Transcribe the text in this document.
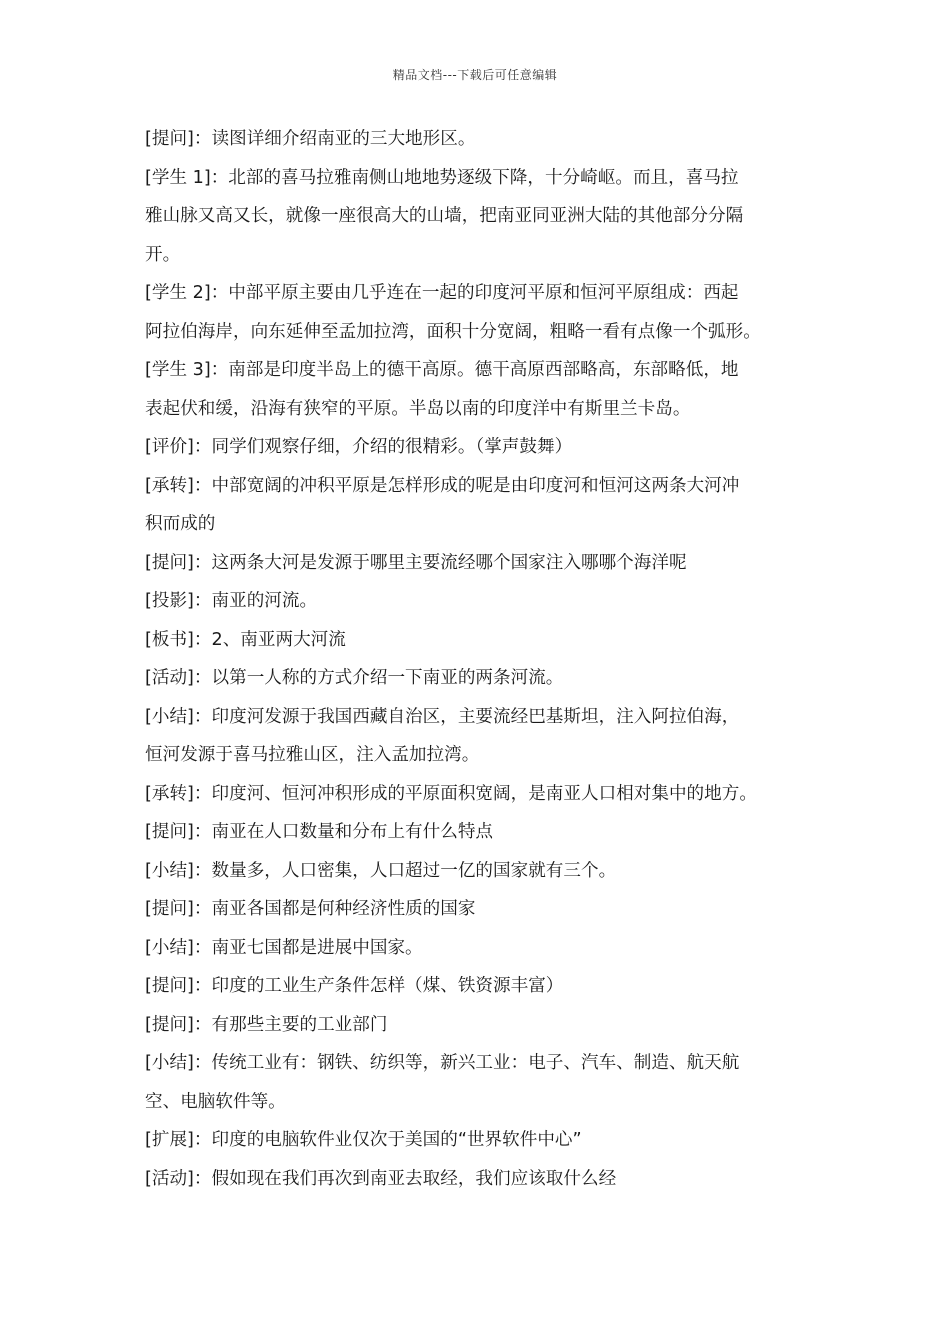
精品文档---下载后可任意编辑

[提问]：读图详细介绍南亚的三大地形区。

[学生 1]：北部的喜马拉雅南侧山地地势逐级下降，十分崎岖。而且，喜马拉

雅山脉又高又长，就像一座很高大的山墙，把南亚同亚洲大陆的其他部分分隔

开。

[学生 2]：中部平原主要由几乎连在一起的印度河平原和恒河平原组成：西起

阿拉伯海岸，向东延伸至孟加拉湾，面积十分宽阔，粗略一看有点像一个弧形。

[学生 3]：南部是印度半岛上的德干高原。德干高原西部略高，东部略低，地

表起伏和缓，沿海有狭窄的平原。半岛以南的印度洋中有斯里兰卡岛。

[评价]：同学们观察仔细，介绍的很精彩。（掌声鼓舞）

[承转]：中部宽阔的冲积平原是怎样形成的呢是由印度河和恒河这两条大河冲

积而成的

[提问]：这两条大河是发源于哪里主要流经哪个国家注入哪哪个海洋呢

[投影]：南亚的河流。

[板书]：2、南亚两大河流

[活动]：以第一人称的方式介绍一下南亚的两条河流。

[小结]：印度河发源于我国西藏自治区，主要流经巴基斯坦，注入阿拉伯海，

恒河发源于喜马拉雅山区，注入孟加拉湾。

[承转]：印度河、恒河冲积形成的平原面积宽阔，是南亚人口相对集中的地方。

[提问]：南亚在人口数量和分布上有什么特点

[小结]：数量多，人口密集，人口超过一亿的国家就有三个。

[提问]：南亚各国都是何种经济性质的国家

[小结]：南亚七国都是进展中国家。

[提问]：印度的工业生产条件怎样（煤、铁资源丰富）

[提问]：有那些主要的工业部门

[小结]：传统工业有：钢铁、纺织等，新兴工业：电子、汽车、制造、航天航

空、电脑软件等。

[扩展]：印度的电脑软件业仅次于美国的“世界软件中心”

[活动]：假如现在我们再次到南亚去取经，我们应该取什么经
